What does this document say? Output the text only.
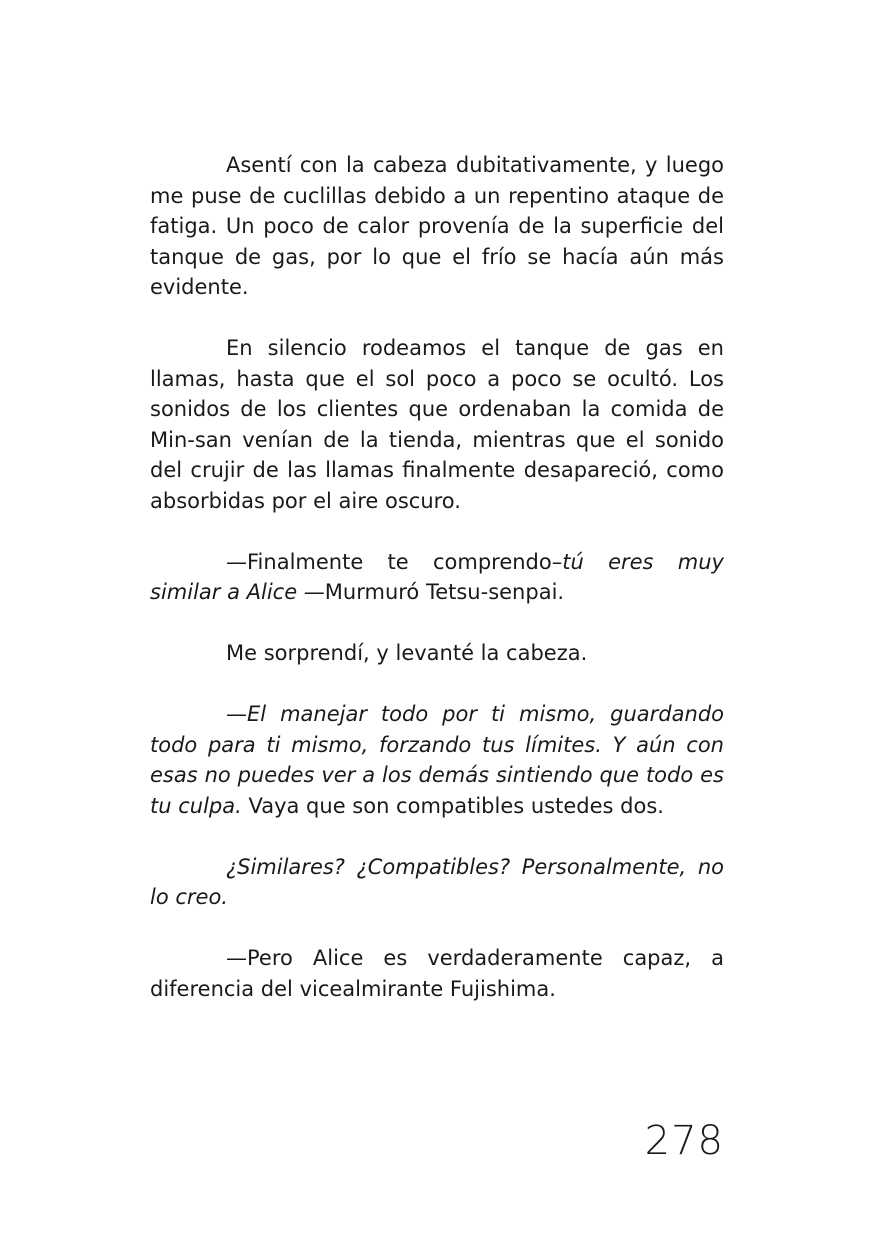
Asentí con la cabeza dubitativamente, y luego me puse de cuclillas debido a un repentino ataque de fatiga. Un poco de calor provenía de la superficie del tanque de gas, por lo que el frío se hacía aún más evidente.

En silencio rodeamos el tanque de gas en llamas, hasta que el sol poco a poco se ocultó. Los sonidos de los clientes que ordenaban la comida de Min-san venían de la tienda, mientras que el sonido del crujir de las llamas finalmente desapareció, como absorbidas por el aire oscuro.

—Finalmente te comprendo–tú eres muy similar a Alice —Murmuró Tetsu-senpai.

Me sorprendí, y levanté la cabeza.

—El manejar todo por ti mismo, guardando todo para ti mismo, forzando tus límites. Y aún con esas no puedes ver a los demás sintiendo que todo es tu culpa. Vaya que son compatibles ustedes dos.

¿Similares? ¿Compatibles? Personalmente, no lo creo.

—Pero Alice es verdaderamente capaz, a diferencia del vicealmirante Fujishima.

278
